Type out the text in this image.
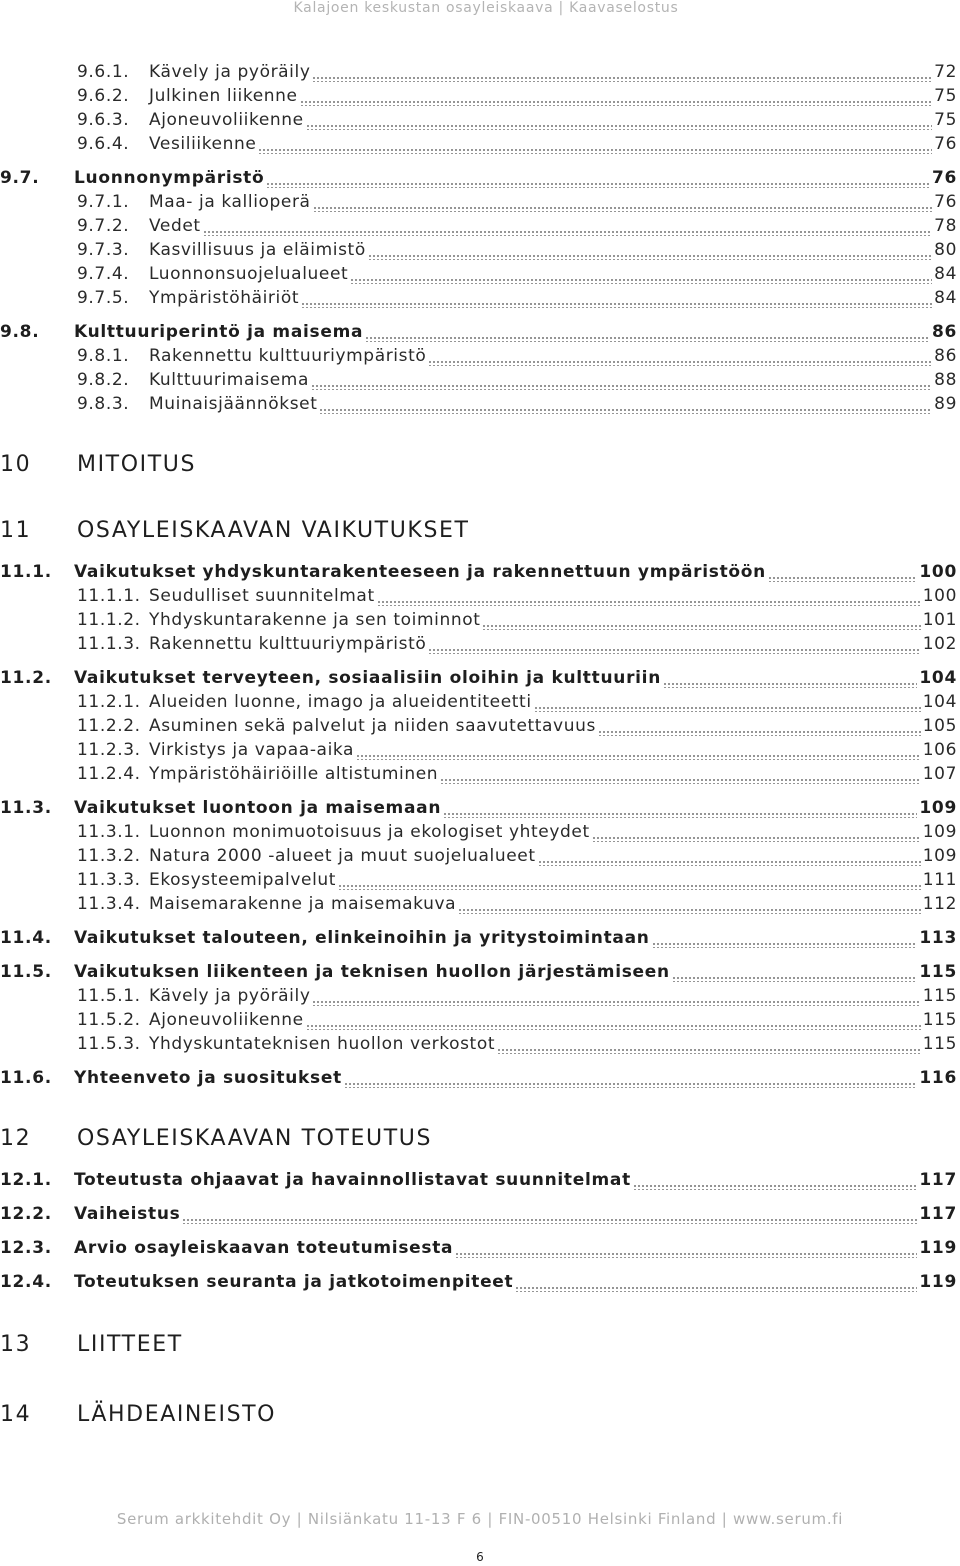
Kalajoen keskustan osayleiskaava | Kaavaselostus
9.6.1.	Kävely ja pyöräily	72
9.6.2.	Julkinen liikenne	75
9.6.3.	Ajoneuvoliikenne	75
9.6.4.	Vesiliikenne	76
9.7.	Luonnonympäristö	76
9.7.1.	Maa- ja kallioperä	76
9.7.2.	Vedet	78
9.7.3.	Kasvillisuus ja eläimistö	80
9.7.4.	Luonnonsuojelualueet	84
9.7.5.	Ympäristöhäiriöt	84
9.8.	Kulttuuriperintö ja maisema	86
9.8.1.	Rakennettu kulttuuriympäristö	86
9.8.2.	Kulttuurimaisema	88
9.8.3.	Muinaisjäännökset	89
10 MITOITUS
11 OSAYLEISKAAVAN VAIKUTUKSET
11.1.	Vaikutukset yhdyskuntarakenteeseen ja rakennettuun ympäristöön	100
11.1.1. Seudulliset suunnitelmat	100
11.1.2. Yhdyskuntarakenne ja sen toiminnot	101
11.1.3. Rakennettu kulttuuriympäristö	102
11.2.	Vaikutukset terveyteen, sosiaalisiin oloihin ja kulttuuriin	104
11.2.1. Alueiden luonne, imago ja alueidentiteetti	104
11.2.2. Asuminen sekä palvelut ja niiden saavutettavuus	105
11.2.3. Virkistys ja vapaa-aika	106
11.2.4. Ympäristöhäiriöille altistuminen	107
11.3.	Vaikutukset luontoon ja maisemaan	109
11.3.1. Luonnon monimuotoisuus ja ekologiset yhteydet	109
11.3.2. Natura 2000 -alueet ja muut suojelualueet	109
11.3.3. Ekosysteemipalvelut	111
11.3.4. Maisemarakenne ja maisemakuva	112
11.4.	Vaikutukset talouteen, elinkeinoihin ja yritystoimintaan	113
11.5.	Vaikutuksen liikenteen ja teknisen huollon järjestämiseen	115
11.5.1. Kävely ja pyöräily	115
11.5.2. Ajoneuvoliikenne	115
11.5.3. Yhdyskuntateknisen huollon verkostot	115
11.6.	Yhteenveto ja suositukset	116
12 OSAYLEISKAAVAN TOTEUTUS
12.1.	Toteutusta ohjaavat ja havainnollistavat suunnitelmat	117
12.2.	Vaiheistus	117
12.3.	Arvio osayleiskaavan toteutumisesta	119
12.4.	Toteutuksen seuranta ja jatkotoimenpiteet	119
13 LIITTEET
14 LÄHDEAINEISTO
Serum arkkitehdit Oy | Nilsiänkatu 11-13 F 6 | FIN-00510 Helsinki Finland | www.serum.fi
6
